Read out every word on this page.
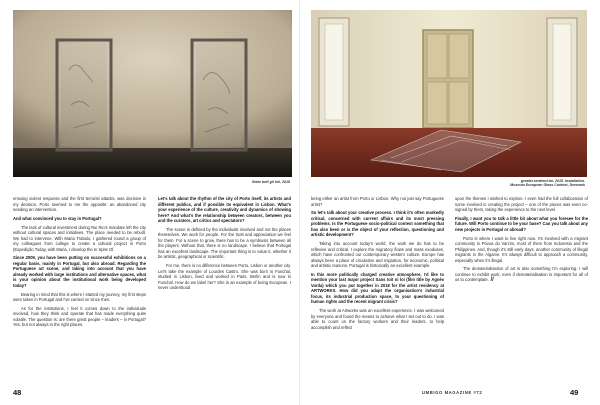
Stato tutti gli Ioli, 2018

ensuing violent response and the first terrorist attacks, was decisive in my decision. Porto seemed to me the opposite: an abandoned city needing an intervention.

And what convinced you to stay in Portugal?

The lack of cultural investment during Rui Rio's mandate left the city without cultural spaces and initiatives. The place needed to be rebuilt. We had to intervene. With Maria Trabulo, I gathered round a group of my colleagues from college to create a cultural project in Porto (Expedição Today, with Maria, I develop the In Spite Of.

Since 2009, you have been putting on successful exhibitions on a regular basis, mainly in Portugal, but also abroad. Regarding the Portuguese art scene, and taking into account that you have already worked with large institutions and alternative spaces, what is your opinion about the institutional work being developed today?

Bearing in mind that this is where I started my journey, my first steps were taken in Portugal and I've carried on since then.

As for the institutions, I feel it comes down to the individuals involved, how they think and operate that has made everything quite volatile. The question is: are there great people – leaders – in Portugal? Yes, but not always in the right places.

Let's talk about the rhythm of the city of Porto itself, its artists and different publics, and if possible its equivalent in Lisbon. What's your experience of the culture, creativity and dynamics of showing here? And what's the relationship between creators, between you and the curators, art critics and spectators?

The scene is defined by the individuals involved and not the places themselves. We work for people. For the trust and appreciation we feel for them. For a scene to grow, there has to be a symbiosis between all the players. Without that, there is no landscape. I believe that Portugal has an excellent landscape. The important thing is to value it, whether it be artistic, geographical or scientific.

For me, there is no difference between Porto, Lisbon or another city. Let's take the example of Lourdes Castro. She was born in Funchal, studied in Lisbon, lived and worked in Paris, Berlin and is now in Funchal. How do we label her? She is an example of being European. I never understood

48
greater.sentient.tm, 2015. Installation.
Museum European Glass Context, Denmark

being either an artist from Porto or Lisbon. Why not just say Portuguese artist?

So let's talk about your creative process. I think it's often markedly critical, concerned with current affairs and its most pressing problems. Is the Portuguese socio-political context something that has also been or is the object of your reflection, questioning and artistic development?

Taking into account today's world, the work we do has to be reflexive and critical. I explore the migratory flows and mass exoduses, which have confronted our contemporary western culture. Europe has always been a place of circulation and migration, for economic, political and artistic reasons. Portugal is historically an excellent example.

In this more politically charged creative atmosphere, I'd like to mention your last major project Sans toit ni loi (film title by Agnès Varda) which you put together in 2018 for the artist residency at ARTWORKS. How did you adapt the organisation's industrial focus, its industrial production space, to your questioning of human rights and the recent migrant crisis?

The work at Artworks was an excellent experience. I was welcomed by everyone and found the means to achieve what I set out to do. I was able to count on the factory workers and their leaders, to help accomplish and reflect

upon the themes I wished to explore. I even had the full collaboration of some involved in creating the project – one of the pieces was even co-signed by them, taking the experience to the next level.

Finally, I want you to talk a little bit about what you foresee for the future. Will Porto continue to be your base? Can you talk about any new projects in Portugal or abroad?

Porto is where I want to live right now. I'm involved with a migrant community in Póvoa do Varzim, most of them from Indonesia and the Philippines. And, though it's still early days, another community of illegal migrants in the Algarve. It's always difficult to approach a community, especially when it's illegal.

The dematerialisation of art is also something I'm exploring. I will continue to exhibit work, even if dematerialisation is important for all of us to contemplate. //

UMBIGO MAGAZINE #72	49
